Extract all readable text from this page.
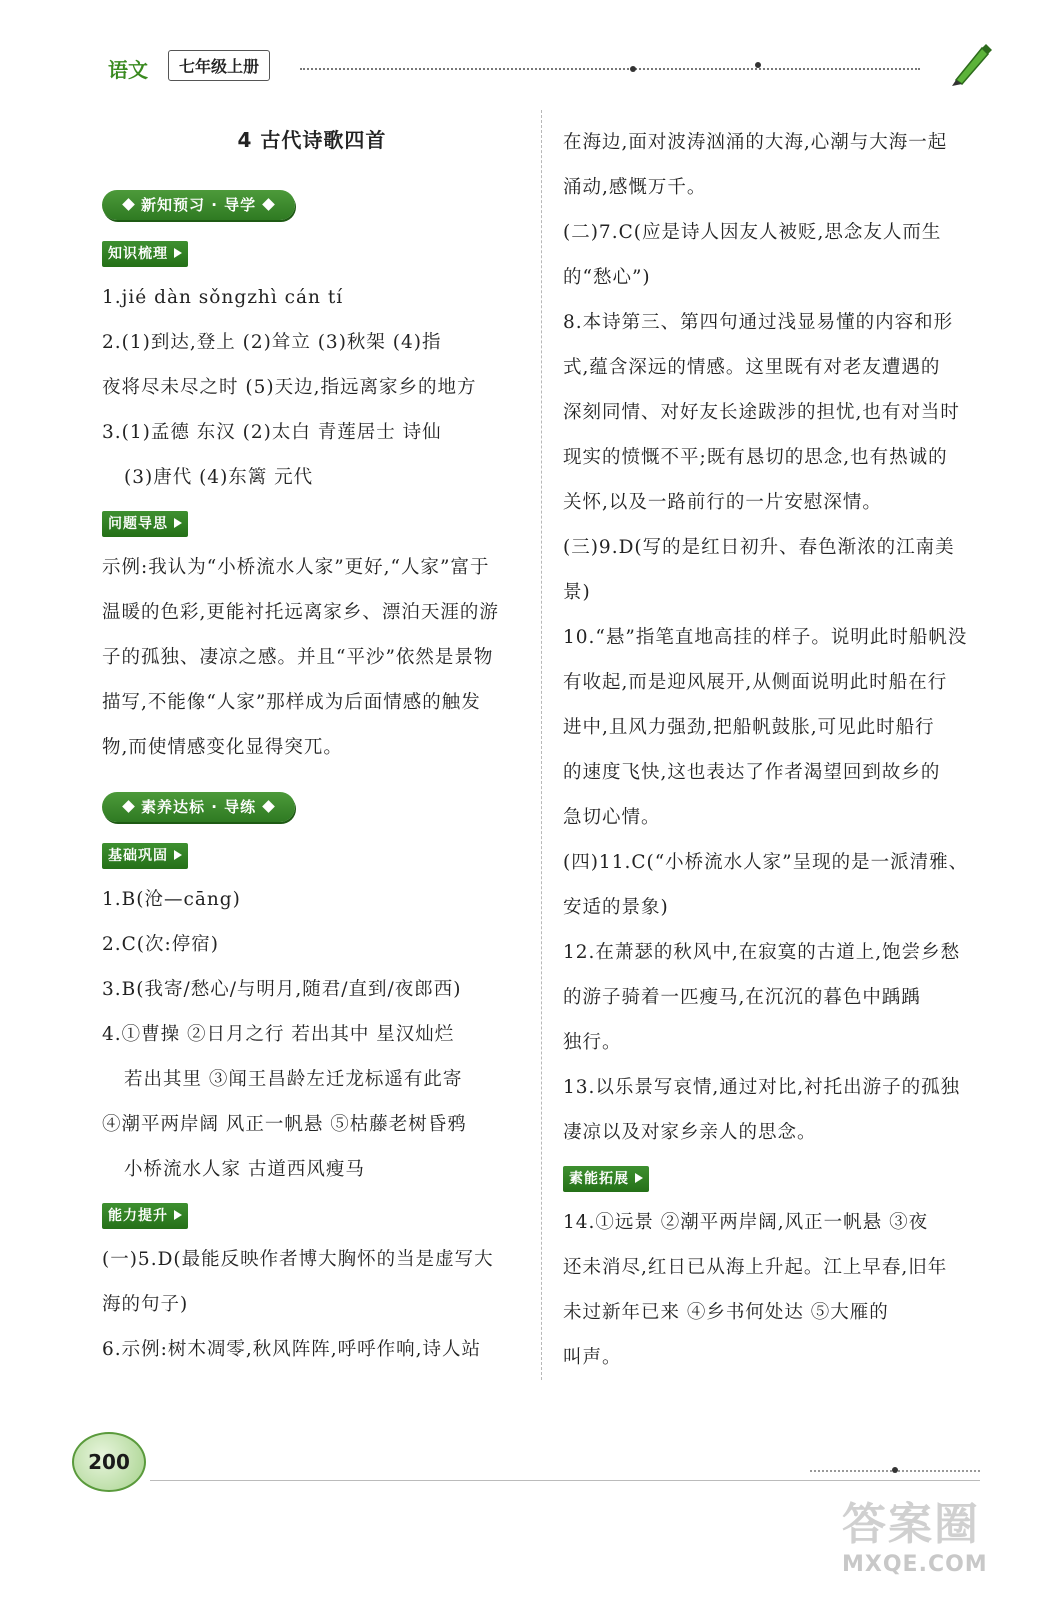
语文	七年级上册
4 古代诗歌四首
新知预习 · 导学
知识梳理

1.jié dàn sǒngzhì cán tí

2.(1)到达,登上 (2)耸立 (3)秋架 (4)指

夜将尽未尽之时 (5)天边,指远离家乡的地方

3.(1)孟德 东汉 (2)太白 青莲居士 诗仙

(3)唐代 (4)东篱 元代

问题导思

示例:我认为“小桥流水人家”更好,“人家”富于

温暖的色彩,更能衬托远离家乡、漂泊天涯的游

子的孤独、凄凉之感。并且“平沙”依然是景物

描写,不能像“人家”那样成为后面情感的触发

物,而使情感变化显得突兀。

素养达标 · 导练
基础巩固

1.B(沧—cāng)

2.C(次:停宿)

3.B(我寄/愁心/与明月,随君/直到/夜郎西)

4.①曹操 ②日月之行 若出其中 星汉灿烂

若出其里 ③闻王昌龄左迁龙标遥有此寄

④潮平两岸阔 风正一帆悬 ⑤枯藤老树昏鸦

小桥流水人家 古道西风瘦马

能力提升

(一)5.D(最能反映作者博大胸怀的当是虚写大

海的句子)

6.示例:树木凋零,秋风阵阵,呼呼作响,诗人站

在海边,面对波涛汹涌的大海,心潮与大海一起

涌动,感慨万千。

(二)7.C(应是诗人因友人被贬,思念友人而生

的“愁心”)

8.本诗第三、第四句通过浅显易懂的内容和形

式,蕴含深远的情感。这里既有对老友遭遇的

深刻同情、对好友长途跋涉的担忧,也有对当时

现实的愤慨不平;既有恳切的思念,也有热诚的

关怀,以及一路前行的一片安慰深情。

(三)9.D(写的是红日初升、春色渐浓的江南美

景)

10.“悬”指笔直地高挂的样子。说明此时船帆没

有收起,而是迎风展开,从侧面说明此时船在行

进中,且风力强劲,把船帆鼓胀,可见此时船行

的速度飞快,这也表达了作者渴望回到故乡的

急切心情。

(四)11.C(“小桥流水人家”呈现的是一派清雅、

安适的景象)

12.在萧瑟的秋风中,在寂寞的古道上,饱尝乡愁

的游子骑着一匹瘦马,在沉沉的暮色中踽踽

独行。

13.以乐景写哀情,通过对比,衬托出游子的孤独

凄凉以及对家乡亲人的思念。

素能拓展

14.①远景 ②潮平两岸阔,风正一帆悬 ③夜

还未消尽,红日已从海上升起。江上早春,旧年

未过新年已来 ④乡书何处达 ⑤大雁的

叫声。

200
答案圈
MXQE.COM
